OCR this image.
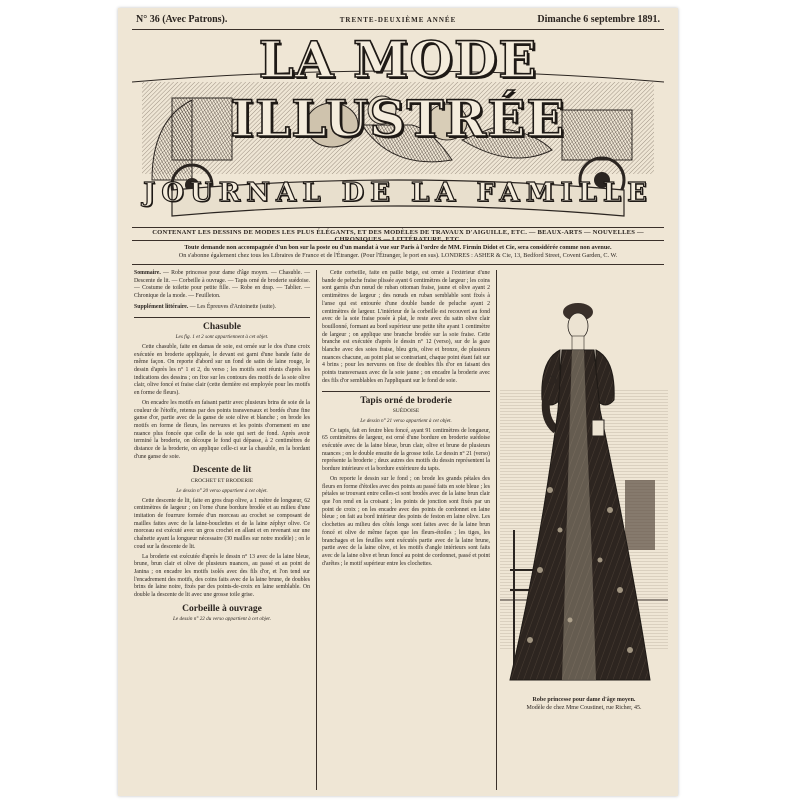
N° 36 (Avec Patrons).	TRENTE-DEUXIÈME ANNÉE	Dimanche 6 septembre 1891.
LA MODE ILLUSTRÉE
JOURNAL DE LA FAMILLE
CONTENANT LES DESSINS DE MODES LES PLUS ÉLÉGANTS, ET DES MODÈLES DE TRAVAUX D'AIGUILLE, ETC. — BEAUX-ARTS — NOUVELLES — CHRONIQUES — LITTÉRATURE, ETC.
Toute demande non accompagnée d'un bon sur la poste ou d'un mandat à vue sur Paris à l'ordre de MM. Firmin Didot et Cie, sera considérée comme non avenue.
On s'abonne également chez tous les Libraires de France et de l'Étranger. (Pour l'Étranger, le port en sus). LONDRES : ASHER & Cie, 13, Bedford Street, Covent Garden, C. W.

Sommaire. — Robe princesse pour dame d'âge moyen. — Chasuble. — Descente de lit. — Corbeille à ouvrage. — Tapis orné de broderie suédoise. — Costume de toilette pour petite fille. — Robe en drap. — Tablier. — Chronique de la mode. — Feuilleton.

Supplément littéraire. — Les Épreuves d'Antoinette (suite).

Chasuble

Les fig. 1 et 2 sont appartiennent à cet objet.

Cette chasuble, faite en damas de soie, est ornée sur le dos d'une croix exécutée en broderie appliquée, le devant est garni d'une bande faite de même façon. On reporte d'abord sur un fond de satin de laine rouge, le dessin d'après les n° 1 et 2, du verso ; les motifs sont réunis d'après les indications des dessins ; on fixe sur les contours des motifs de la soie olive clair, olive foncé et fraise clair (cette dernière est employée pour les motifs en forme de fleurs).

On encadre les motifs en faisant partir avec plusieurs brins de soie de la couleur de l'étoffe, retenus par des points transversaux et bordés d'une fine ganse d'or, partie avec de la ganse de soie olive et blanche ; on brode les motifs en forme de fleurs, les nervures et les points d'ornement en une nuance plus foncée que celle de la soie qui sert de fond. Après avoir terminé la broderie, on découpe le fond qui dépasse, à 2 centimètres de distance de la broderie, on applique celle-ci sur la chasuble, en la bordant d'une ganse de soie.

Descente de lit

CROCHET ET BRODERIE

Le dessin n° 20 verso appartient à cet objet.

Cette descente de lit, faite en gros drap olive, a 1 mètre de longueur, 62 centimètres de largeur ; on l'orne d'une bordure brodée et au milieu d'une imitation de fourrure formée d'un morceau au crochet se composant de mailles faites avec de la laine-bouclettes et de la laine zéphyr olive. Ce morceau est exécuté avec un gros crochet en allant et en revenant sur une chaînette ayant la longueur nécessaire (30 mailles sur notre modèle) ; on le coud sur la descente de lit.

La broderie est exécutée d'après le dessin n° 13 avec de la laine bleue, brune, brun clair et olive de plusieurs nuances, au passé et au point de Janina ; on encadre les motifs isolés avec des fils d'or, et l'on tend sur l'encadrement des motifs, des coins faits avec de la laine brune, de doubles brins de laine noire, fixés par des points-de-croix en laine semblable. On double la descente de lit avec une grosse toile grise.

Corbeille à ouvrage

Le dessin n° 22 du verso appartient à cet objet.

Cette corbeille, faite en paille beige, est ornée à l'extérieur d'une bande de peluche fraise plissée ayant 6 centimètres de largeur ; les coins sont garnis d'un nœud de ruban ottoman fraise, jaune et olive ayant 2 centimètres de largeur ; des nœuds en ruban semblable sont fixés à l'anse qui est entourée d'une double bande de peluche ayant 2 centimètres de largeur. L'intérieur de la corbeille est recouvert au fond avec de la soie fraise posée à plat, le reste avec du satin olive clair bouillonné, formant au bord supérieur une petite tête ayant 1 centimètre de largeur ; on applique une branche brodée sur la soie fraise. Cette branche est exécutée d'après le dessin n° 12 (verso), sur de la gaze blanche avec des soies fraise, bleu gris, olive et bronze, de plusieurs nuances chacune, au point plat se contrariant, chaque point étant fait sur 4 brins ; pour les nervures on fixe de doubles fils d'or en faisant des points transversaux avec de la soie jaune ; on encadre la broderie avec des fils d'or semblables en l'appliquant sur le fond de soie.

Tapis orné de broderie

SUÉDOISE

Le dessin n° 21 verso appartient à cet objet.

Ce tapis, fait en feutre bleu foncé, ayant 91 centimètres de longueur, 65 centimètres de largeur, est orné d'une bordure en broderie suédoise exécutée avec de la laine bleue, brun clair, olive et brune de plusieurs nuances ; on le double ensuite de la grosse toile. Le dessin n° 21 (verso) représente la broderie ; deux autres des motifs du dessin représentent la bordure intérieure et la bordure extérieure du tapis.

On reporte le dessin sur le fond ; on brode les grands pétales des fleurs en forme d'étoiles avec des points au passé faits en soie bleue ; les pétales se trouvant entre celles-ci sont brodés avec de la laine brun clair que l'on rend en la croisant ; les points de jonction sont fixés par un point de croix ; on les encadre avec des points de cordonnet en laine bleue ; on fait au bord intérieur des points de feston en laine olive. Les clochettes au milieu des côtés longs sont faites avec de la laine brun foncé et olive de même façon que les fleurs-étoiles ; les tiges, les branchages et les feuilles sont exécutés partie avec de la laine brune, partie avec de la laine olive, et les motifs d'angle intérieurs sont faits avec de la laine olive et brun foncé au point de cordonnet, passé et point d'arêtes ; le motif supérieur entre les clochettes.

Robe princesse pour dame d'âge moyen.
Modèle de chez Mme Coustinet, rue Richer, 45.
